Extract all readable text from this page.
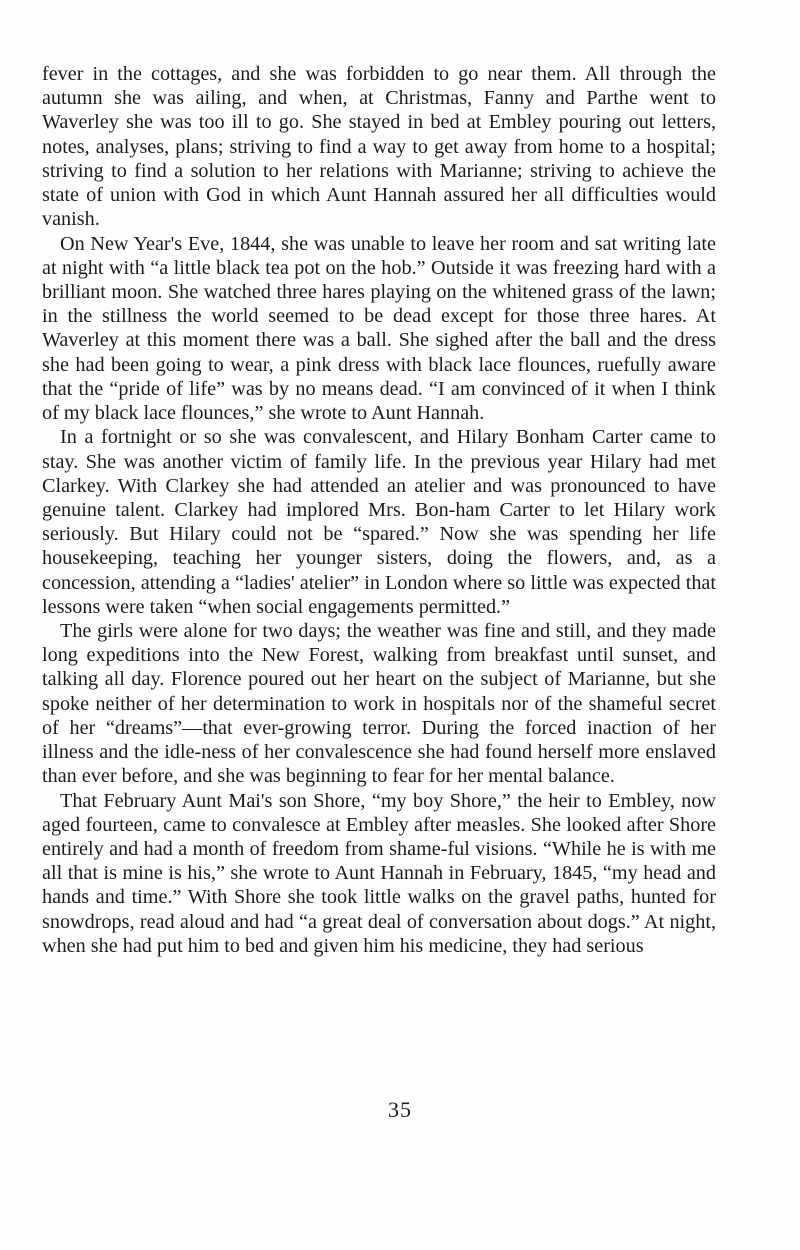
fever in the cottages, and she was forbidden to go near them. All through the autumn she was ailing, and when, at Christmas, Fanny and Parthe went to Waverley she was too ill to go. She stayed in bed at Embley pouring out letters, notes, analyses, plans; striving to find a way to get away from home to a hospital; striving to find a solution to her relations with Marianne; striving to achieve the state of union with God in which Aunt Hannah assured her all difficulties would vanish.

On New Year's Eve, 1844, she was unable to leave her room and sat writing late at night with “a little black tea pot on the hob.” Outside it was freezing hard with a brilliant moon. She watched three hares playing on the whitened grass of the lawn; in the stillness the world seemed to be dead except for those three hares. At Waverley at this moment there was a ball. She sighed after the ball and the dress she had been going to wear, a pink dress with black lace flounces, ruefully aware that the “pride of life” was by no means dead. “I am convinced of it when I think of my black lace flounces,” she wrote to Aunt Hannah.

In a fortnight or so she was convalescent, and Hilary Bonham Carter came to stay. She was another victim of family life. In the previous year Hilary had met Clarkey. With Clarkey she had attended an atelier and was pronounced to have genuine talent. Clarkey had implored Mrs. Bon-ham Carter to let Hilary work seriously. But Hilary could not be “spared.” Now she was spending her life housekeeping, teaching her younger sisters, doing the flowers, and, as a concession, attending a “ladies' atelier” in London where so little was expected that lessons were taken “when social engagements permitted.”

The girls were alone for two days; the weather was fine and still, and they made long expeditions into the New Forest, walking from breakfast until sunset, and talking all day. Florence poured out her heart on the subject of Marianne, but she spoke neither of her determination to work in hospitals nor of the shameful secret of her “dreams”—that ever-growing terror. During the forced inaction of her illness and the idle-ness of her convalescence she had found herself more enslaved than ever before, and she was beginning to fear for her mental balance.

That February Aunt Mai's son Shore, “my boy Shore,” the heir to Embley, now aged fourteen, came to convalesce at Embley after measles. She looked after Shore entirely and had a month of freedom from shame-ful visions. “While he is with me all that is mine is his,” she wrote to Aunt Hannah in February, 1845, “my head and hands and time.” With Shore she took little walks on the gravel paths, hunted for snowdrops, read aloud and had “a great deal of conversation about dogs.” At night, when she had put him to bed and given him his medicine, they had serious

35
